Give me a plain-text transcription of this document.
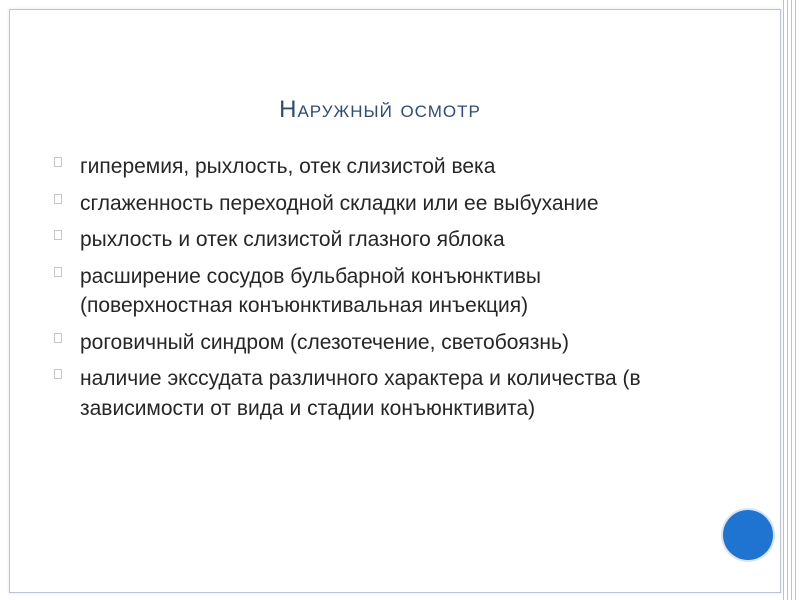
Наружный осмотр
гиперемия, рыхлость, отек слизистой века
сглаженность переходной складки или ее выбухание
рыхлость и отек слизистой глазного яблока
расширение сосудов бульбарной конъюнктивы (поверхностная конъюнктивальная инъекция)
роговичный синдром (слезотечение, светобоязнь)
наличие экссудата различного характера и количества (в зависимости от вида и стадии конъюнктивита)
